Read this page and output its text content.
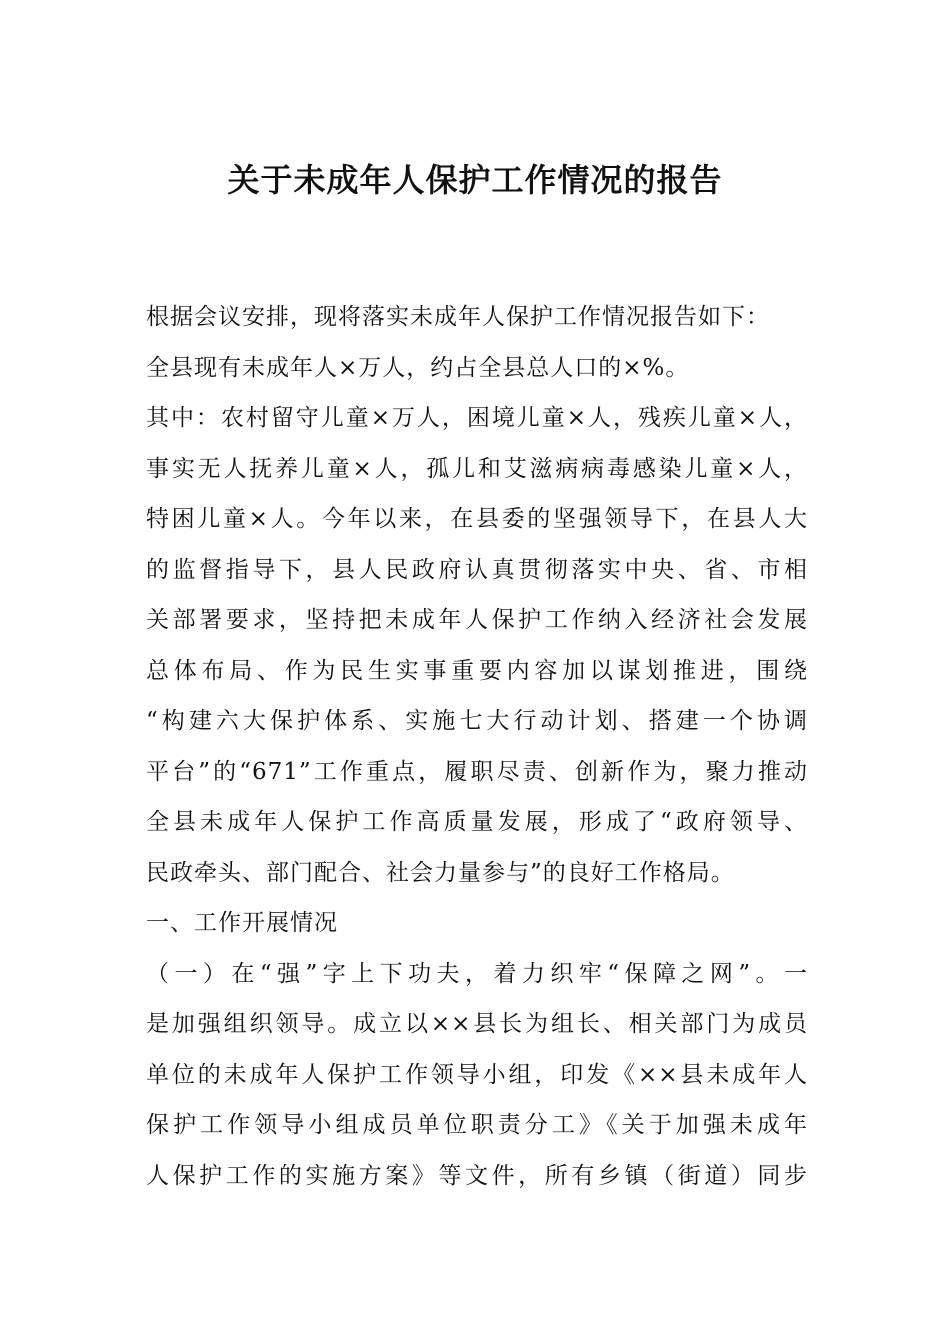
关于未成年人保护工作情况的报告
根据会议安排，现将落实未成年人保护工作情况报告如下：
全县现有未成年人×万人，约占全县总人口的×%。
其中：农村留守儿童×万人，困境儿童×人，残疾儿童×人，
事实无人抚养儿童×人，孤儿和艾滋病病毒感染儿童×人，
特困儿童×人。今年以来，在县委的坚强领导下，在县人大
的监督指导下，县人民政府认真贯彻落实中央、省、市相
关部署要求，坚持把未成年人保护工作纳入经济社会发展
总体布局、作为民生实事重要内容加以谋划推进，围绕
“构建六大保护体系、实施七大行动计划、搭建一个协调
平台”的“671”工作重点，履职尽责、创新作为，聚力推动
全县未成年人保护工作高质量发展，形成了“政府领导、
民政牵头、部门配合、社会力量参与”的良好工作格局。
一、工作开展情况
（一）在“强”字上下功夫，着力织牢“保障之网”。一
是加强组织领导。成立以××县长为组长、相关部门为成员
单位的未成年人保护工作领导小组，印发《××县未成年人
保护工作领导小组成员单位职责分工》《关于加强未成年
人保护工作的实施方案》等文件，所有乡镇（街道）同步
